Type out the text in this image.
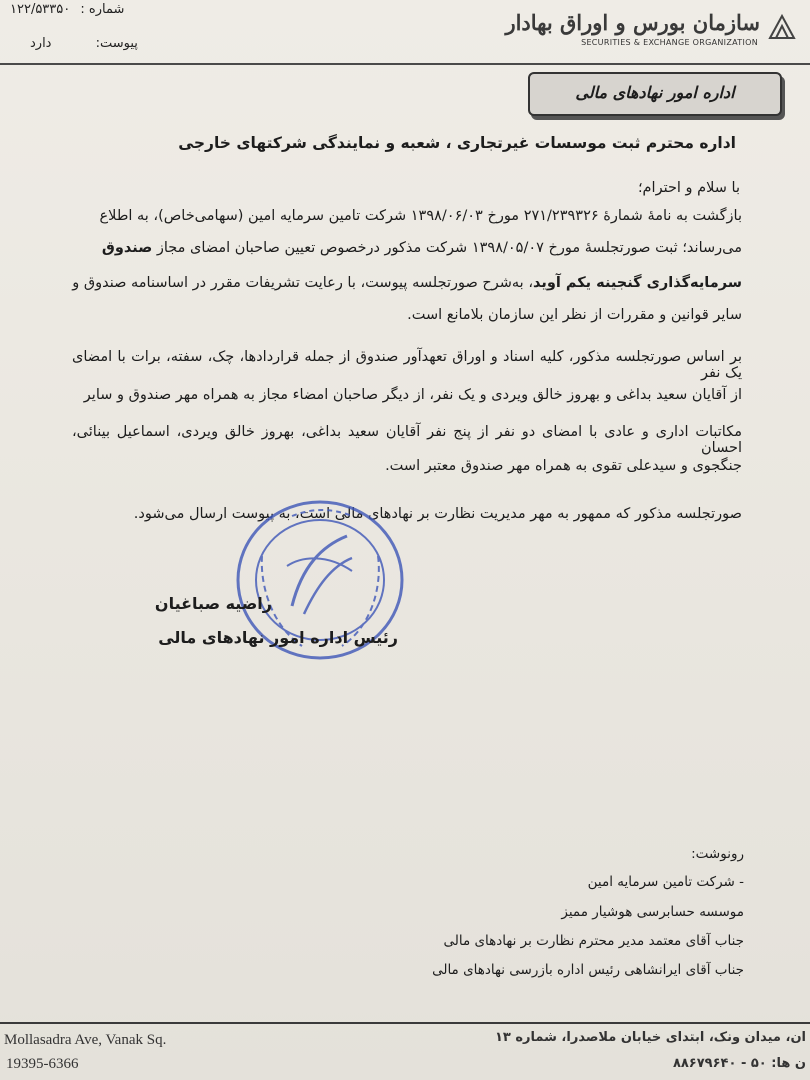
شماره : ۱۲۲/۵۳۳۵۰
پیوست: دارد
سازمان بورس و اوراق بهادار
SECURITIES & EXCHANGE ORGANIZATION
اداره امور نهادهای مالی
اداره محترم ثبت موسسات غیرتجاری ، شعبه و نمایندگی شرکتهای خارجی
با سلام و احترام؛
بازگشت به نامهٔ شمارهٔ ۲۷۱/۲۳۹۳۲۶ مورخ ۱۳۹۸/۰۶/۰۳ شرکت تامین سرمایه امین (سهامی‌خاص)، به اطلاع
می‌رساند؛ ثبت صورتجلسهٔ مورخ ۱۳۹۸/۰۵/۰۷ شرکت مذکور درخصوص تعیین صاحبان امضای مجاز صندوق
سرمایه‌گذاری گنجینه یکم آوید، به‌شرح صورتجلسه پیوست، با رعایت تشریفات مقرر در اساسنامه صندوق و
سایر قوانین و مقررات از نظر این سازمان بلامانع است.
بر اساس صورتجلسه مذکور، کلیه اسناد و اوراق تعهدآور صندوق از جمله قراردادها، چک، سفته، برات با امضای یک نفر
از آقایان سعید بداغی و بهروز خالق ویردی و یک نفر، از دیگر صاحبان امضاء مجاز به همراه مهر صندوق و سایر
مکاتبات اداری و عادی با امضای دو نفر از پنج نفر آقایان سعید بداغی، بهروز خالق ویردی، اسماعیل بینائی، احسان
جنگجوی و سیدعلی تقوی به همراه مهر صندوق معتبر است.
صورتجلسه مذکور که ممهور به مهر مدیریت نظارت بر نهادهای مالی است، به پیوست ارسال می‌شود.
راضیه صباغیان
رئیس اداره امور نهادهای مالی
رونوشت:
- شرکت تامین سرمایه امین
موسسه حسابرسی هوشیار ممیز
جناب آقای معتمد مدیر محترم نظارت بر نهادهای مالی
جناب آقای ایرانشاهی رئیس اداره بازرسی نهادهای مالی
Mollasadra Ave, Vanak Sq.
19395-6366
ان، میدان ونک، ابتدای خیابان ملاصدرا، شماره ۱۳
ن ها: ۵۰ - ۸۸۶۷۹۶۴۰
